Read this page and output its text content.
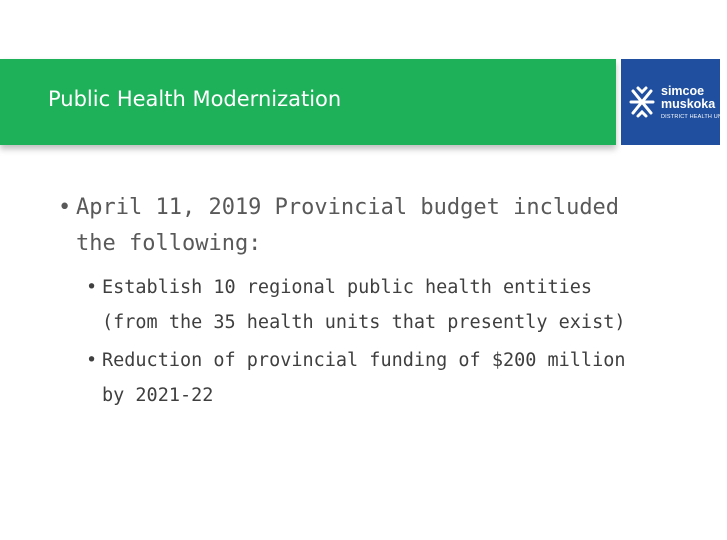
Public Health Modernization	simcoe
muskoka
DISTRICT HEALTH UNIT
• April 11, 2019 Provincial budget included the following:
• Establish 10 regional public health entities (from the 35 health units that presently exist)
• Reduction of provincial funding of $200 million by 2021-22
